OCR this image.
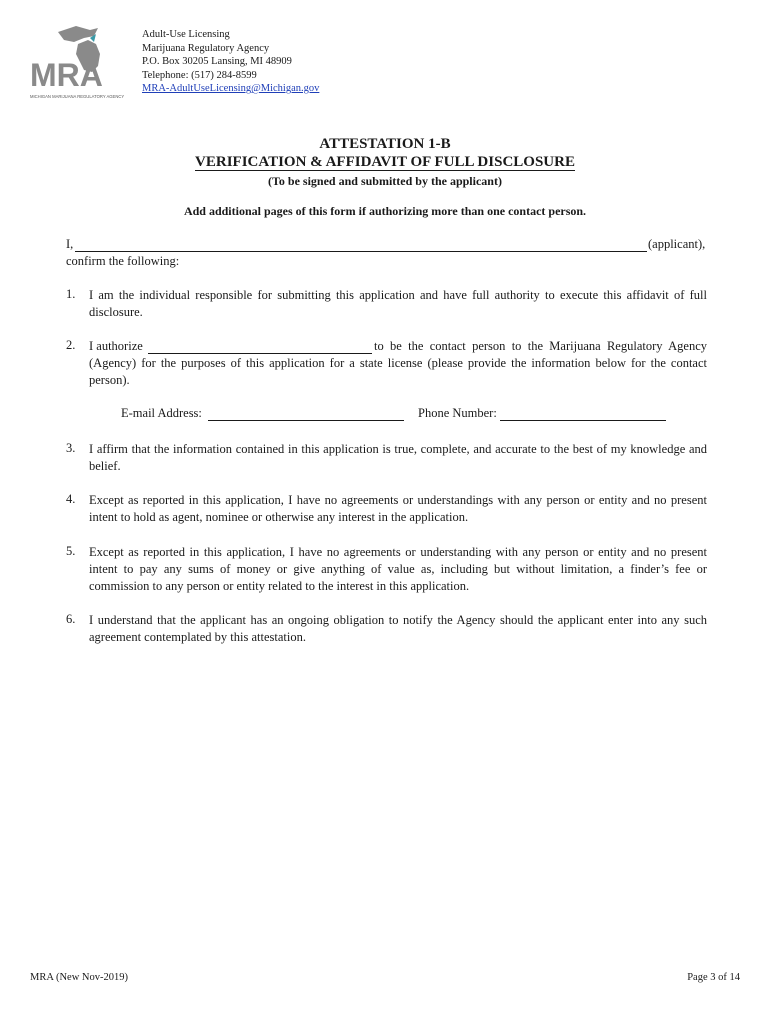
MRA
MICHIGAN MARIJUANA REGULATORY AGENCY
Adult-Use Licensing
Marijuana Regulatory Agency
P.O. Box 30205 Lansing, MI 48909
Telephone: (517) 284-8599
MRA-AdultUseLicensing@Michigan.gov
ATTESTATION 1-B
VERIFICATION & AFFIDAVIT OF FULL DISCLOSURE
(To be signed and submitted by the applicant)
Add additional pages of this form if authorizing more than one contact person.
I,	(applicant),
confirm the following:
1. I am the individual responsible for submitting this application and have full authority to execute this affidavit of full disclosure.
2. I authorize	to be the contact person to the Marijuana Regulatory Agency (Agency) for the purposes of this application for a state license (please provide the information below for the contact person).
E-mail Address:	Phone Number:
3. I affirm that the information contained in this application is true, complete, and accurate to the best of my knowledge and belief.
4. Except as reported in this application, I have no agreements or understandings with any person or entity and no present intent to hold as agent, nominee or otherwise any interest in the application.
5. Except as reported in this application, I have no agreements or understanding with any person or entity and no present intent to pay any sums of money or give anything of value as, including but without limitation, a finder’s fee or commission to any person or entity related to the interest in this application.
6. I understand that the applicant has an ongoing obligation to notify the Agency should the applicant enter into any such agreement contemplated by this attestation.
MRA (New Nov-2019)	Page 3 of 14
